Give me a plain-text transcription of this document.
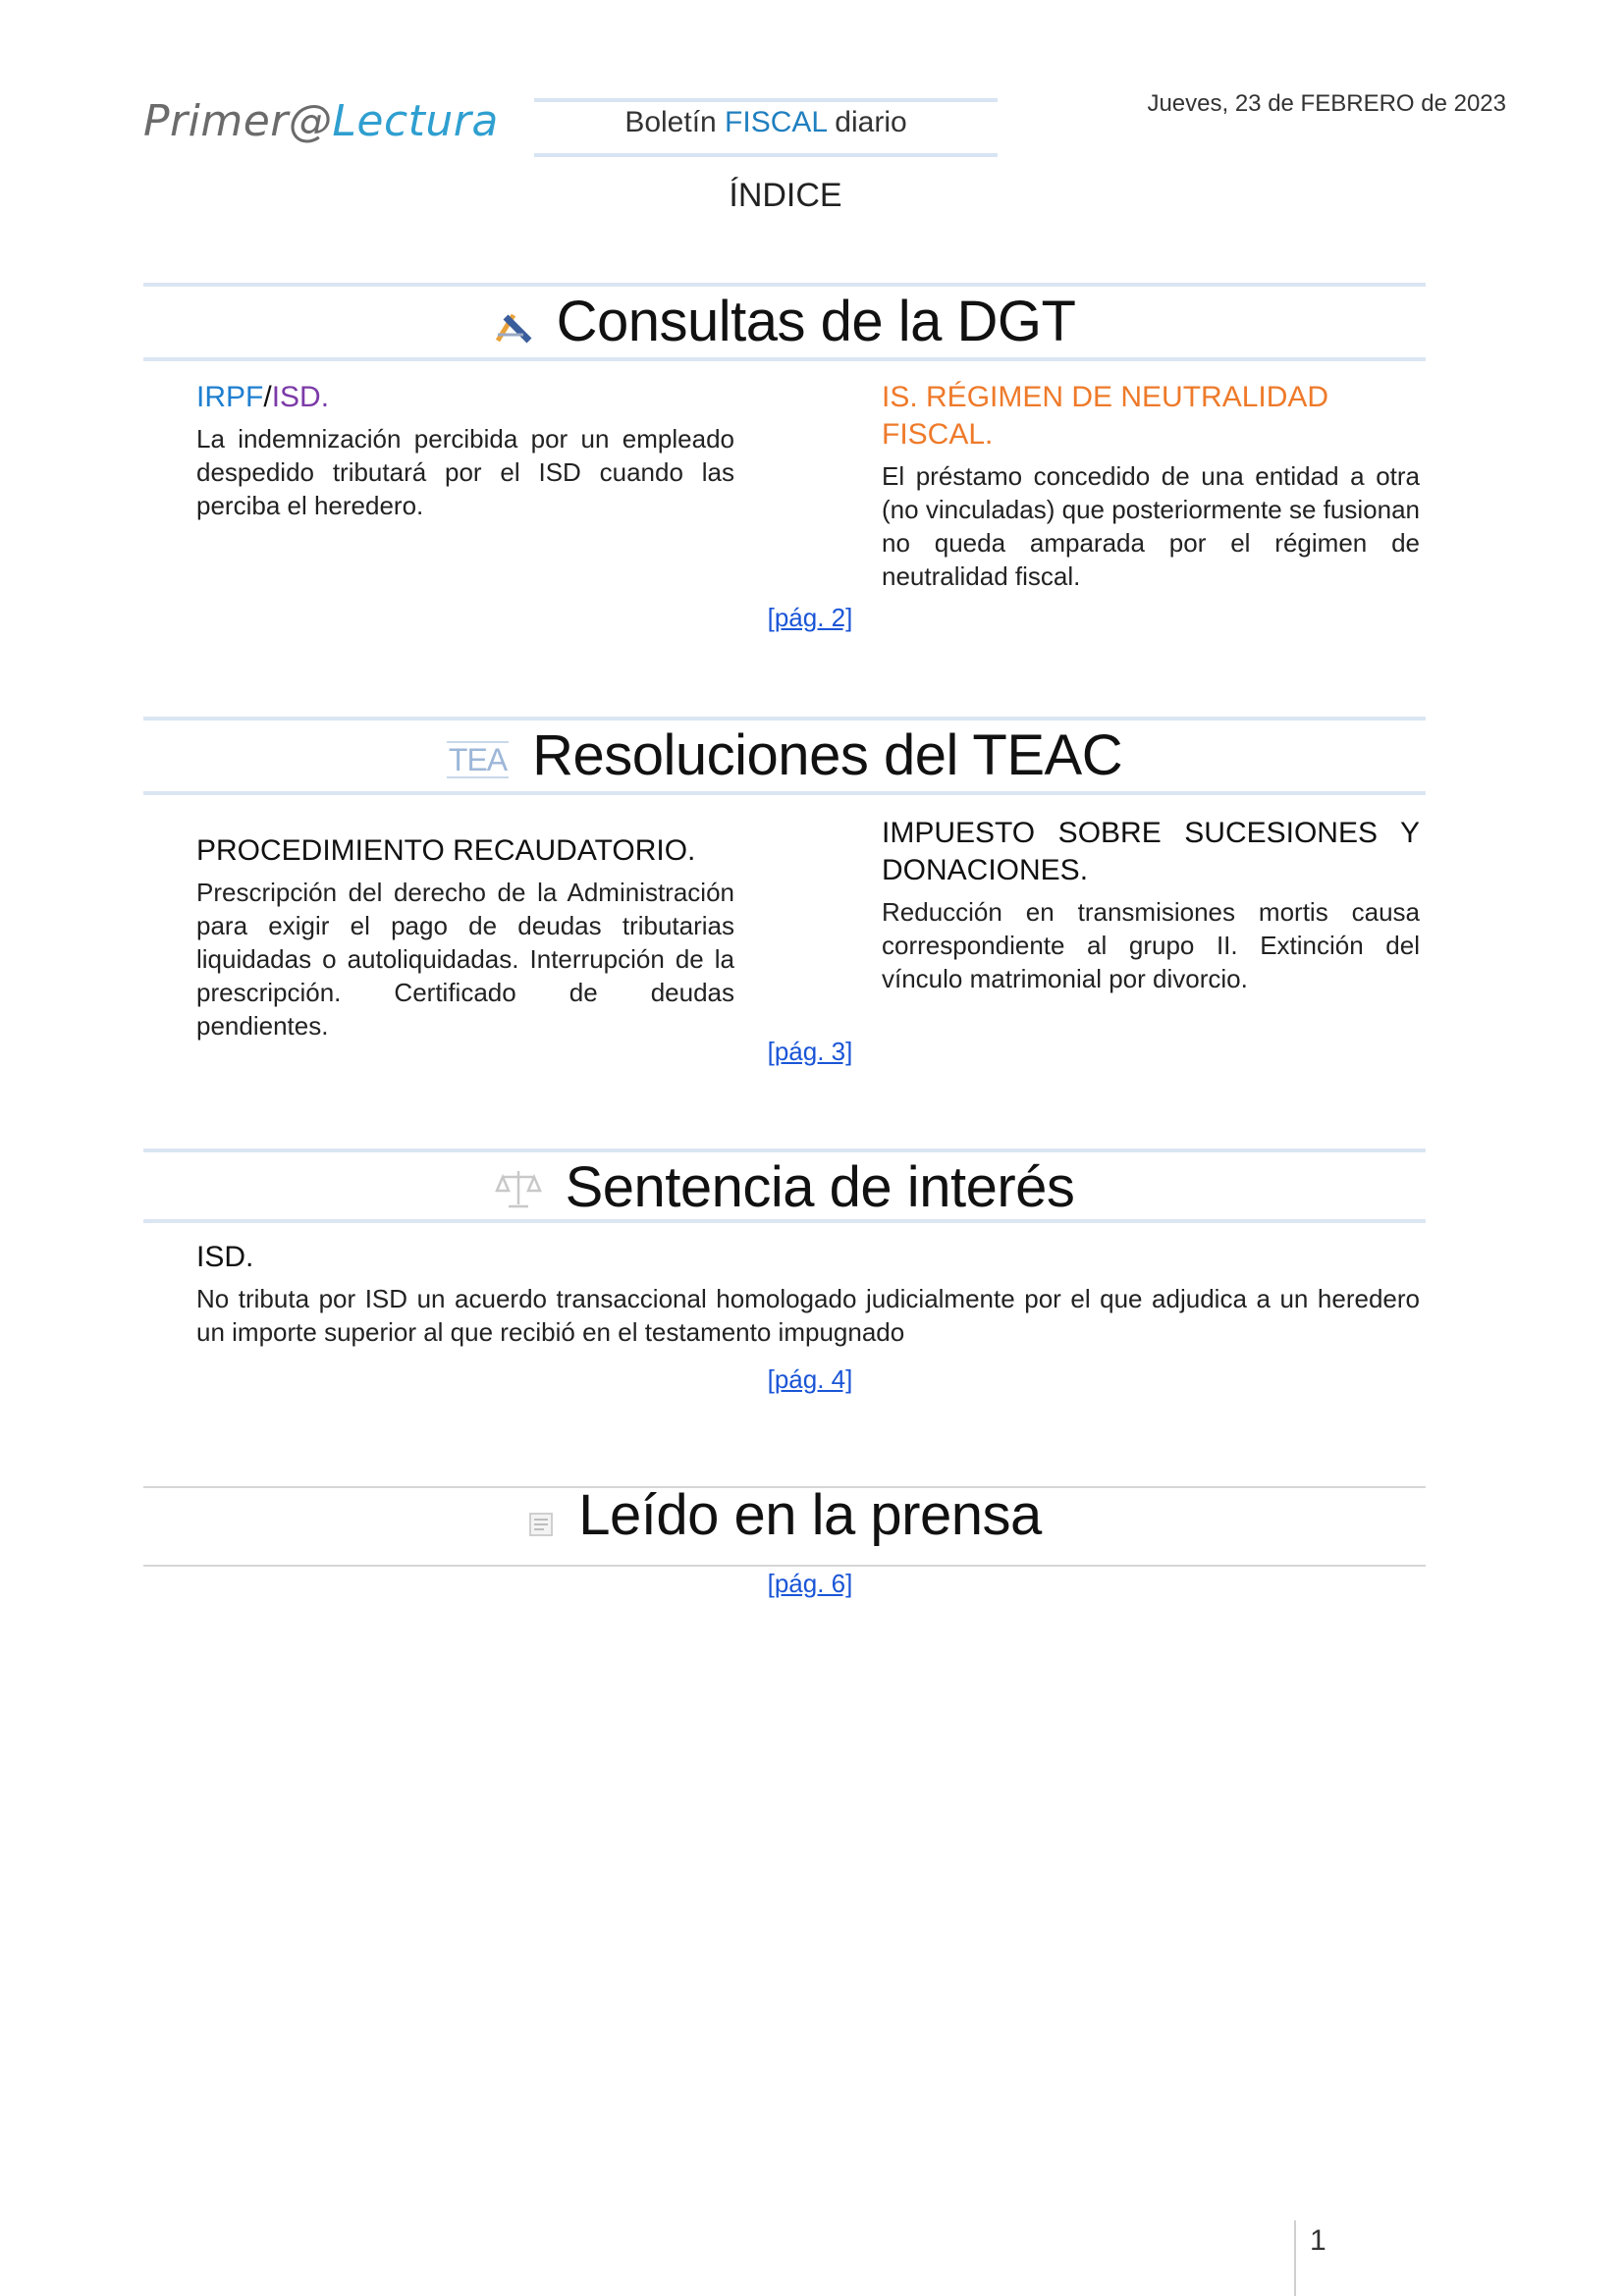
Primer@Lectura	Boletín FISCAL diario
Jueves, 23 de FEBRERO de 2023
ÍNDICE
Consultas de la DGT

IRPF/ISD.

La indemnización percibida por un empleado despedido tributará por el ISD cuando las perciba el heredero.

IS. RÉGIMEN DE NEUTRALIDAD FISCAL.

El préstamo concedido de una entidad a otra (no vinculadas) que posteriormente se fusionan no queda amparada por el régimen de neutralidad fiscal.

[pág. 2]
TEA Resoluciones del TEAC

PROCEDIMIENTO RECAUDATORIO.

Prescripción del derecho de la Administración para exigir el pago de deudas tributarias liquidadas o autoliquidadas. Interrupción de la prescripción. Certificado de deudas pendientes.

IMPUESTO SOBRE SUCESIONES Y DONACIONES.

Reducción en transmisiones mortis causa correspondiente al grupo II. Extinción del vínculo matrimonial por divorcio.

[pág. 3]
Sentencia de interés

ISD.

No tributa por ISD un acuerdo transaccional homologado judicialmente por el que adjudica a un heredero un importe superior al que recibió en el testamento impugnado

[pág. 4]
Leído en la prensa
[pág. 6]
1
